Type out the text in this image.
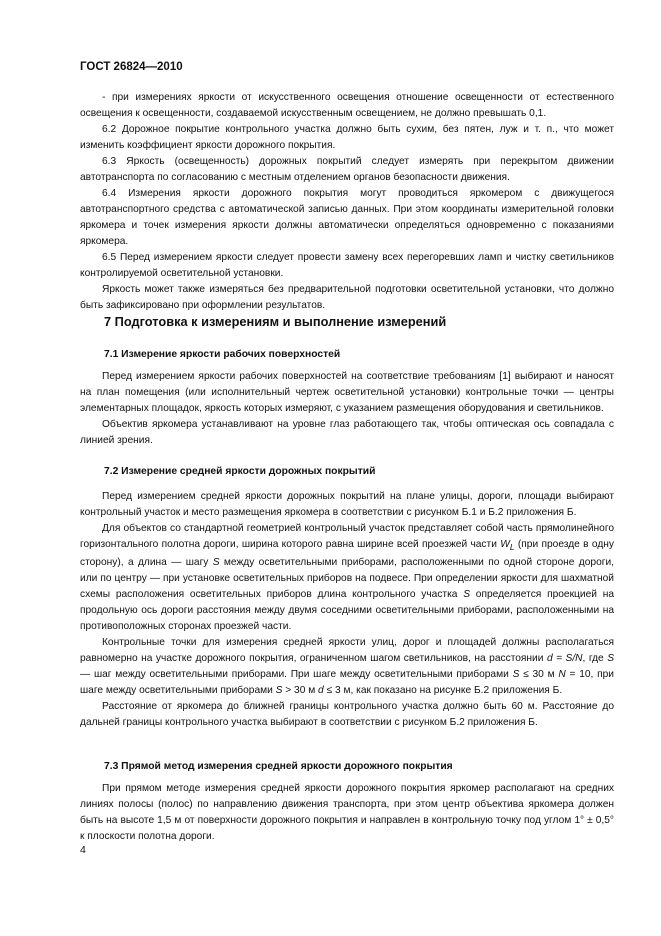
ГОСТ 26824—2010

- при измерениях яркости от искусственного освещения отношение освещенности от естественного освещения к освещенности, создаваемой искусственным освещением, не должно превышать 0,1.

6.2 Дорожное покрытие контрольного участка должно быть сухим, без пятен, луж и т. п., что может изменить коэффициент яркости дорожного покрытия.

6.3 Яркость (освещенность) дорожных покрытий следует измерять при перекрытом движении автотранспорта по согласованию с местным отделением органов безопасности движения.

6.4 Измерения яркости дорожного покрытия могут проводиться яркомером с движущегося автотранспортного средства с автоматической записью данных. При этом координаты измерительной головки яркомера и точек измерения яркости должны автоматически определяться одновременно с показаниями яркомера.

6.5 Перед измерением яркости следует провести замену всех перегоревших ламп и чистку светильников контролируемой осветительной установки.

Яркость может также измеряться без предварительной подготовки осветительной установки, что должно быть зафиксировано при оформлении результатов.

7 Подготовка к измерениям и выполнение измерений
7.1 Измерение яркости рабочих поверхностей

Перед измерением яркости рабочих поверхностей на соответствие требованиям [1] выбирают и наносят на план помещения (или исполнительный чертеж осветительной установки) контрольные точки — центры элементарных площадок, яркость которых измеряют, с указанием размещения оборудования и светильников.

Объектив яркомера устанавливают на уровне глаз работающего так, чтобы оптическая ось совпадала с линией зрения.

7.2 Измерение средней яркости дорожных покрытий

Перед измерением средней яркости дорожных покрытий на плане улицы, дороги, площади выбирают контрольный участок и место размещения яркомера в соответствии с рисунком Б.1 и Б.2 приложения Б.

Для объектов со стандартной геометрией контрольный участок представляет собой часть прямолинейного горизонтального полотна дороги, ширина которого равна ширине всей проезжей части $W_L$ (при проезде в одну сторону), а длина — шагу S между осветительными приборами, расположенными по одной стороне дороги, или по центру — при установке осветительных приборов на подвесе. При определении яркости для шахматной схемы расположения осветительных приборов длина контрольного участка S определяется проекцией на продольную ось дороги расстояния между двумя соседними осветительными приборами, расположенными на противоположных сторонах проезжей части.

Контрольные точки для измерения средней яркости улиц, дорог и площадей должны располагаться равномерно на участке дорожного покрытия, ограниченном шагом светильников, на расстоянии d = S/N, где S — шаг между осветительными приборами. При шаге между осветительными приборами S ≤ 30 м N = 10, при шаге между осветительными приборами S > 30 м d ≤ 3 м, как показано на рисунке Б.2 приложения Б.

Расстояние от яркомера до ближней границы контрольного участка должно быть 60 м. Расстояние до дальней границы контрольного участка выбирают в соответствии с рисунком Б.2 приложения Б.

7.3 Прямой метод измерения средней яркости дорожного покрытия

При прямом методе измерения средней яркости дорожного покрытия яркомер располагают на средних линиях полосы (полос) по направлению движения транспорта, при этом центр объектива яркомера должен быть на высоте 1,5 м от поверхности дорожного покрытия и направлен в контрольную точку под углом 1° ± 0,5° к плоскости полотна дороги.

4
